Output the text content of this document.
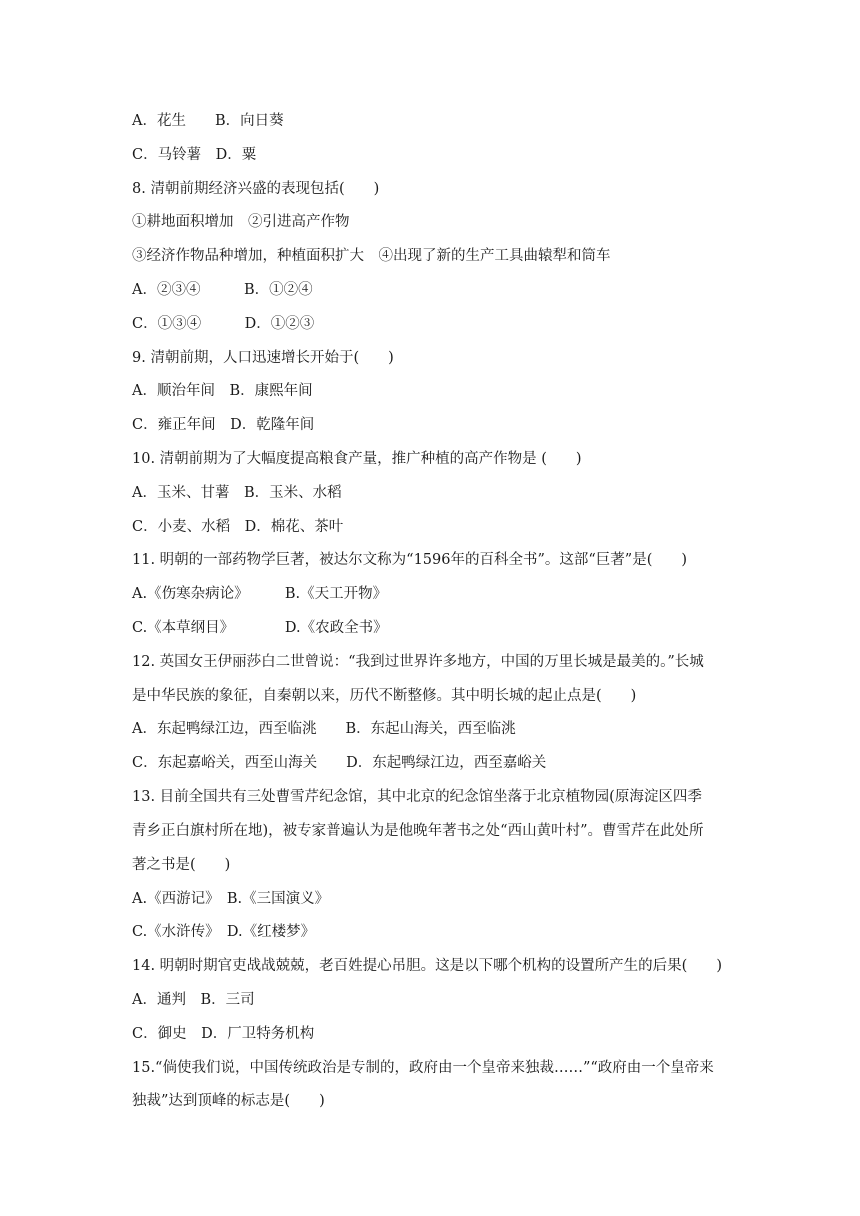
A．花生　　B．向日葵
C．马铃薯　D．粟
8. 清朝前期经济兴盛的表现包括(　　)
①耕地面积增加　②引进高产作物
③经济作物品种增加，种植面积扩大　④出现了新的生产工具曲辕犁和筒车
A．②③④　　　B．①②④
C．①③④　　　D．①②③
9. 清朝前期，人口迅速增长开始于(　　)
A．顺治年间　B．康熙年间
C．雍正年间　D．乾隆年间
10. 清朝前期为了大幅度提高粮食产量，推广种植的高产作物是 (　　)
A．玉米、甘薯　B．玉米、水稻
C．小麦、水稻　D．棉花、茶叶
11. 明朝的一部药物学巨著，被达尔文称为“1596年的百科全书”。这部“巨著”是(　　)
A.《伤寒杂病论》　　　B.《天工开物》
C.《本草纲目》　　　　D.《农政全书》
12. 英国女王伊丽莎白二世曾说：“我到过世界许多地方，中国的万里长城是最美的。”长城
是中华民族的象征，自秦朝以来，历代不断整修。其中明长城的起止点是(　　)
A．东起鸭绿江边，西至临洮　　B．东起山海关，西至临洮
C．东起嘉峪关，西至山海关　　D．东起鸭绿江边，西至嘉峪关
13. 目前全国共有三处曹雪芹纪念馆，其中北京的纪念馆坐落于北京植物园(原海淀区四季
青乡正白旗村所在地)，被专家普遍认为是他晚年著书之处“西山黄叶村”。曹雪芹在此处所
著之书是(　　)
A.《西游记》　B.《三国演义》
C.《水浒传》　D.《红楼梦》
14. 明朝时期官吏战战兢兢，老百姓提心吊胆。这是以下哪个机构的设置所产生的后果(　　)
A．通判　B．三司
C．御史　D．厂卫特务机构
15.“倘使我们说，中国传统政治是专制的，政府由一个皇帝来独裁……”“政府由一个皇帝来
独裁”达到顶峰的标志是(　　)
